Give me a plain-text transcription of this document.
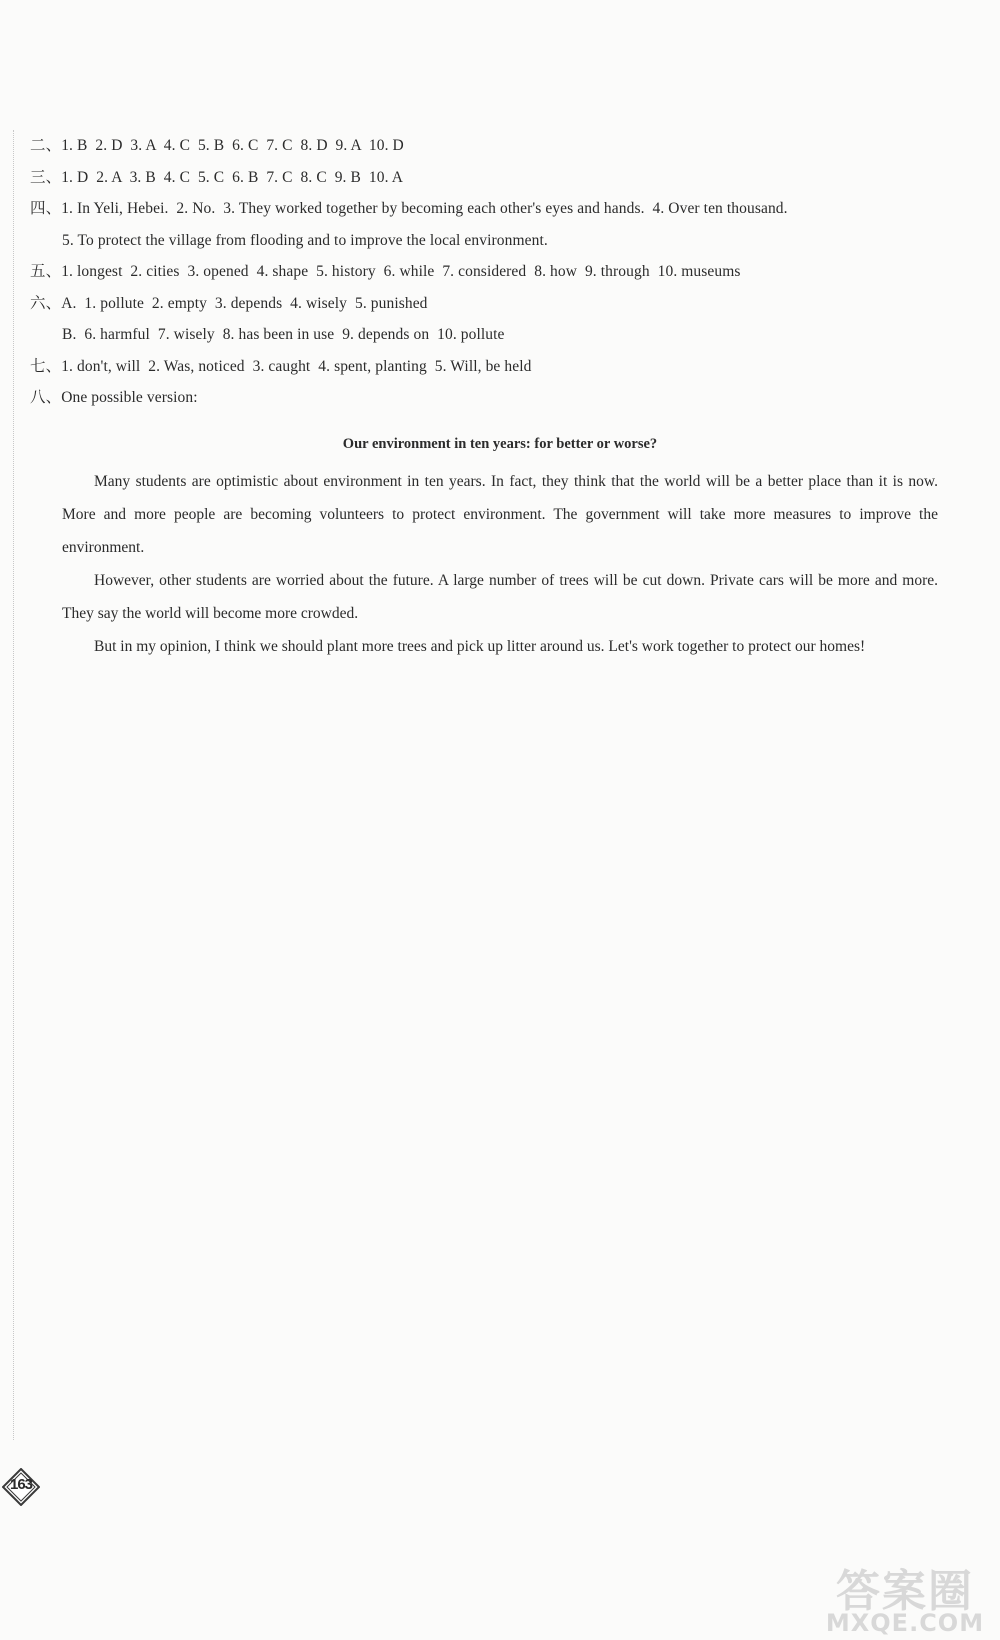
二、1. B  2. D  3. A  4. C  5. B  6. C  7. C  8. D  9. A  10. D
三、1. D  2. A  3. B  4. C  5. C  6. B  7. C  8. C  9. B  10. A
四、1. In Yeli, Hebei.  2. No.  3. They worked together by becoming each other's eyes and hands.  4. Over ten thousand.
5. To protect the village from flooding and to improve the local environment.
五、1. longest  2. cities  3. opened  4. shape  5. history  6. while  7. considered  8. how  9. through  10. museums
六、A.  1. pollute  2. empty  3. depends  4. wisely  5. punished
B.  6. harmful  7. wisely  8. has been in use  9. depends on  10. pollute
七、1. don't, will  2. Was, noticed  3. caught  4. spent, planting  5. Will, be held
八、One possible version:
Our environment in ten years: for better or worse?

Many students are optimistic about environment in ten years. In fact, they think that the world will be a better place than it is now. More and more people are becoming volunteers to protect environment. The government will take more measures to improve the environment.

However, other students are worried about the future. A large number of trees will be cut down. Private cars will be more and more. They say the world will become more crowded.

But in my opinion, I think we should plant more trees and pick up litter around us. Let's work together to protect our homes!

163
答案圈
MXQE.COM
